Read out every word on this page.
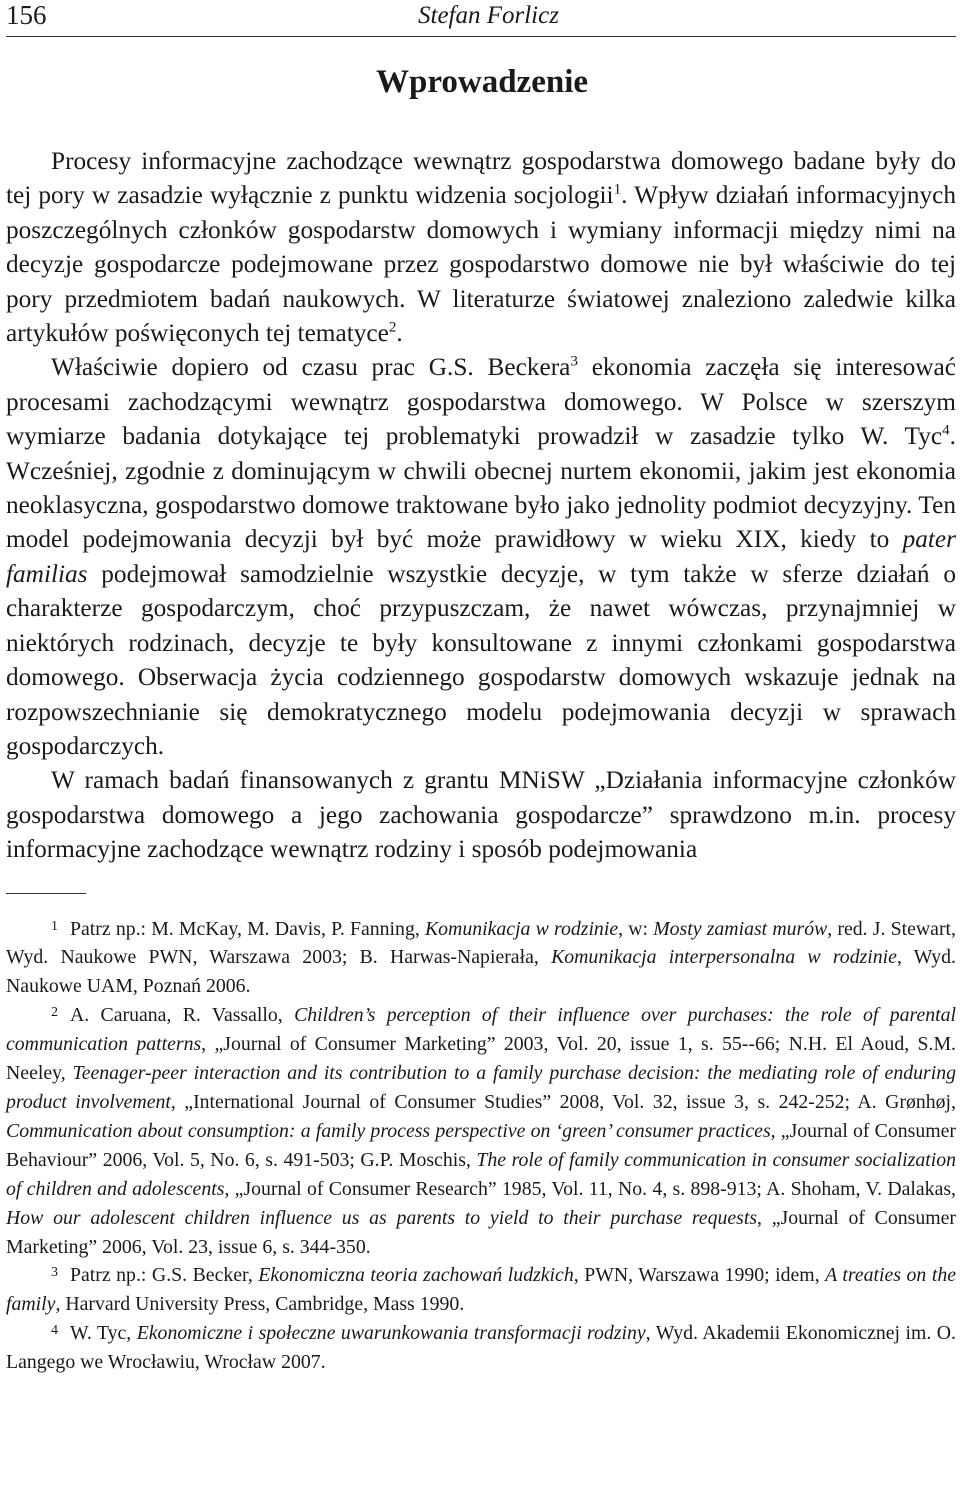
156	Stefan Forlicz
Wprowadzenie

Procesy informacyjne zachodzące wewnątrz gospodarstwa domowego badane były do tej pory w zasadzie wyłącznie z punktu widzenia socjologii$^1$. Wpływ działań informacyjnych poszczególnych członków gospodarstw domowych i wymiany informacji między nimi na decyzje gospodarcze podejmowane przez gospodarstwo domowe nie był właściwie do tej pory przedmiotem badań naukowych. W literaturze światowej znaleziono zaledwie kilka artykułów poświęconych tej tematyce$^2$.

Właściwie dopiero od czasu prac G.S. Beckera$^3$ ekonomia zaczęła się interesować procesami zachodzącymi wewnątrz gospodarstwa domowego. W Polsce w szerszym wymiarze badania dotykające tej problematyki prowadził w zasadzie tylko W. Tyc$^4$. Wcześniej, zgodnie z dominującym w chwili obecnej nurtem ekonomii, jakim jest ekonomia neoklasyczna, gospodarstwo domowe traktowane było jako jednolity podmiot decyzyjny. Ten model podejmowania decyzji był być może prawidłowy w wieku XIX, kiedy to pater familias podejmował samodzielnie wszystkie decyzje, w tym także w sferze działań o charakterze gospodarczym, choć przypuszczam, że nawet wówczas, przynajmniej w niektórych rodzinach, decyzje te były konsultowane z innymi członkami gospodarstwa domowego. Obserwacja życia codziennego gospodarstw domowych wskazuje jednak na rozpowszechnianie się demokratycznego modelu podejmowania decyzji w sprawach gospodarczych.

W ramach badań finansowanych z grantu MNiSW „Działania informacyjne członków gospodarstwa domowego a jego zachowania gospodarcze” sprawdzono m.in. procesy informacyjne zachodzące wewnątrz rodziny i sposób podejmowania

$^1$ Patrz np.: M. McKay, M. Davis, P. Fanning, Komunikacja w rodzinie, w: Mosty zamiast murów, red. J. Stewart, Wyd. Naukowe PWN, Warszawa 2003; B. Harwas-Napierała, Komunikacja interpersonalna w rodzinie, Wyd. Naukowe UAM, Poznań 2006.

$^2$ A. Caruana, R. Vassallo, Children’s perception of their influence over purchases: the role of parental communication patterns, „Journal of Consumer Marketing” 2003, Vol. 20, issue 1, s. 55--66; N.H. El Aoud, S.M. Neeley, Teenager-peer interaction and its contribution to a family purchase decision: the mediating role of enduring product involvement, „International Journal of Consumer Studies” 2008, Vol. 32, issue 3, s. 242-252; A. Grønhøj, Communication about consumption: a family process perspective on ‘green’ consumer practices, „Journal of Consumer Behaviour” 2006, Vol. 5, No. 6, s. 491-503; G.P. Moschis, The role of family communication in consumer socialization of children and adolescents, „Journal of Consumer Research” 1985, Vol. 11, No. 4, s. 898-913; A. Shoham, V. Dalakas, How our adolescent children influence us as parents to yield to their purchase requests, „Journal of Consumer Marketing” 2006, Vol. 23, issue 6, s. 344-350.

$^3$ Patrz np.: G.S. Becker, Ekonomiczna teoria zachowań ludzkich, PWN, Warszawa 1990; idem, A treaties on the family, Harvard University Press, Cambridge, Mass 1990.

$^4$ W. Tyc, Ekonomiczne i społeczne uwarunkowania transformacji rodziny, Wyd. Akademii Ekonomicznej im. O. Langego we Wrocławiu, Wrocław 2007.
